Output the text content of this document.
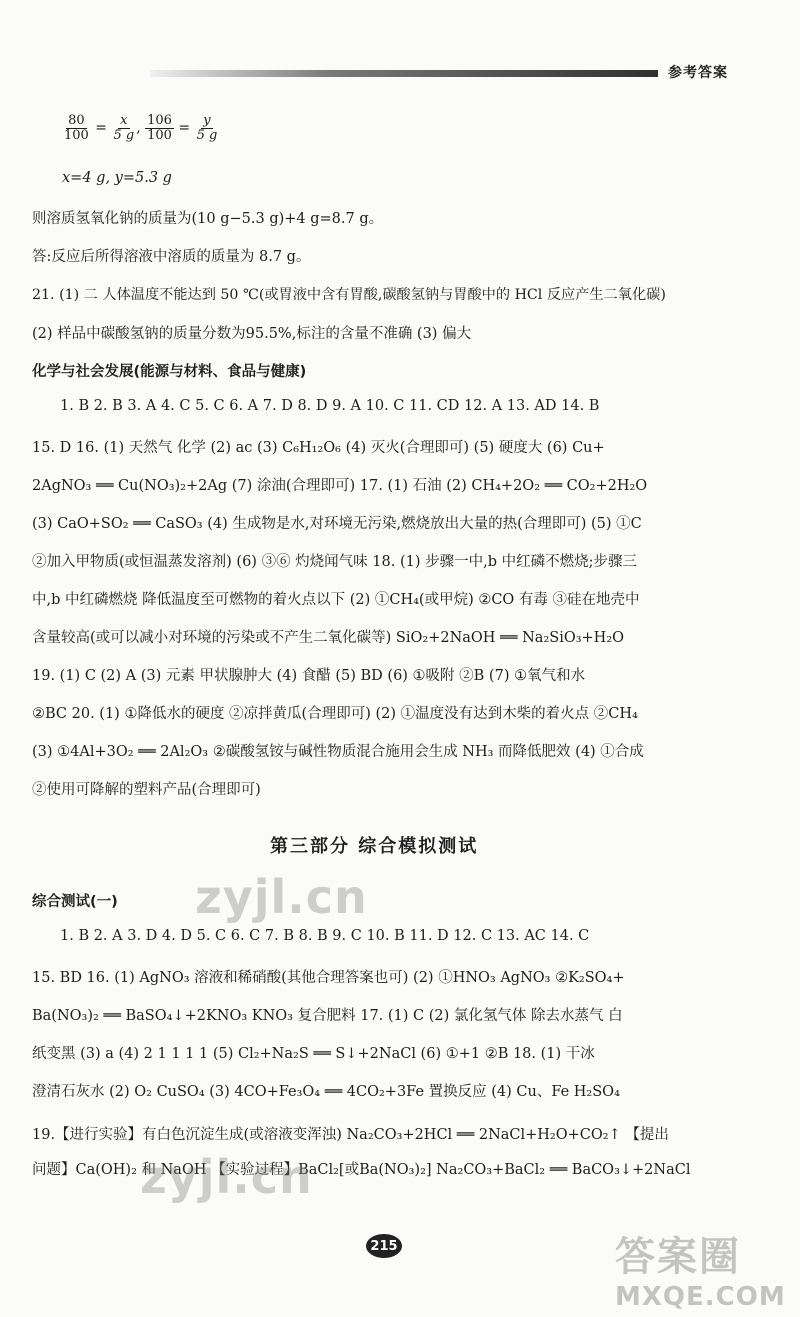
参考答案
$\frac{80}{100} = \frac{x}{5 g}$ , $\frac{106}{100} = \frac{y}{5 g}$
x=4 g, y=5.3 g
则溶质氢氧化钠的质量为(10 g−5.3 g)+4 g=8.7 g。
答:反应后所得溶液中溶质的质量为 8.7 g。
21. (1) 二 人体温度不能达到 50 ℃(或胃液中含有胃酸,碳酸氢钠与胃酸中的 HCl 反应产生二氧化碳)
(2) 样品中碳酸氢钠的质量分数为95.5%,标注的含量不准确 (3) 偏大
化学与社会发展(能源与材料、食品与健康)
1. B 2. B 3. A 4. C 5. C 6. A 7. D 8. D 9. A 10. C 11. CD 12. A 13. AD 14. B
15. D 16. (1) 天然气 化学 (2) ac (3) C₆H₁₂O₆ (4) 灭火(合理即可) (5) 硬度大 (6) Cu+
2AgNO₃ ══ Cu(NO₃)₂+2Ag (7) 涂油(合理即可) 17. (1) 石油 (2) CH₄+2O₂ ══ CO₂+2H₂O
(3) CaO+SO₂ ══ CaSO₃ (4) 生成物是水,对环境无污染,燃烧放出大量的热(合理即可) (5) ①C
②加入甲物质(或恒温蒸发溶剂) (6) ③⑥ 灼烧闻气味 18. (1) 步骤一中,b 中红磷不燃烧;步骤三
中,b 中红磷燃烧 降低温度至可燃物的着火点以下 (2) ①CH₄(或甲烷) ②CO 有毒 ③硅在地壳中
含量较高(或可以减小对环境的污染或不产生二氧化碳等) SiO₂+2NaOH ══ Na₂SiO₃+H₂O
19. (1) C (2) A (3) 元素 甲状腺肿大 (4) 食醋 (5) BD (6) ①吸附 ②B (7) ①氧气和水
②BC 20. (1) ①降低水的硬度 ②凉拌黄瓜(合理即可) (2) ①温度没有达到木柴的着火点 ②CH₄
(3) ①4Al+3O₂ ══ 2Al₂O₃ ②碳酸氢铵与碱性物质混合施用会生成 NH₃ 而降低肥效 (4) ①合成
②使用可降解的塑料产品(合理即可)
第三部分 综合模拟测试
综合测试(一)
1. B 2. A 3. D 4. D 5. C 6. C 7. B 8. B 9. C 10. B 11. D 12. C 13. AC 14. C
15. BD 16. (1) AgNO₃ 溶液和稀硝酸(其他合理答案也可) (2) ①HNO₃ AgNO₃ ②K₂SO₄+
Ba(NO₃)₂ ══ BaSO₄↓+2KNO₃ KNO₃ 复合肥料 17. (1) C (2) 氯化氢气体 除去水蒸气 白
纸变黑 (3) a (4) 2 1 1 1 1 (5) Cl₂+Na₂S ══ S↓+2NaCl (6) ①+1 ②B 18. (1) 干冰
澄清石灰水 (2) O₂ CuSO₄ (3) 4CO+Fe₃O₄ ══ 4CO₂+3Fe 置换反应 (4) Cu、Fe H₂SO₄
19.【进行实验】有白色沉淀生成(或溶液变浑浊) Na₂CO₃+2HCl ══ 2NaCl+H₂O+CO₂↑ 【提出
问题】Ca(OH)₂ 和 NaOH 【实验过程】BaCl₂[或Ba(NO₃)₂] Na₂CO₃+BaCl₂ ══ BaCO₃↓+2NaCl
zyjl.cn
zyjl.cn
215	答案圈
MXQE.COM
